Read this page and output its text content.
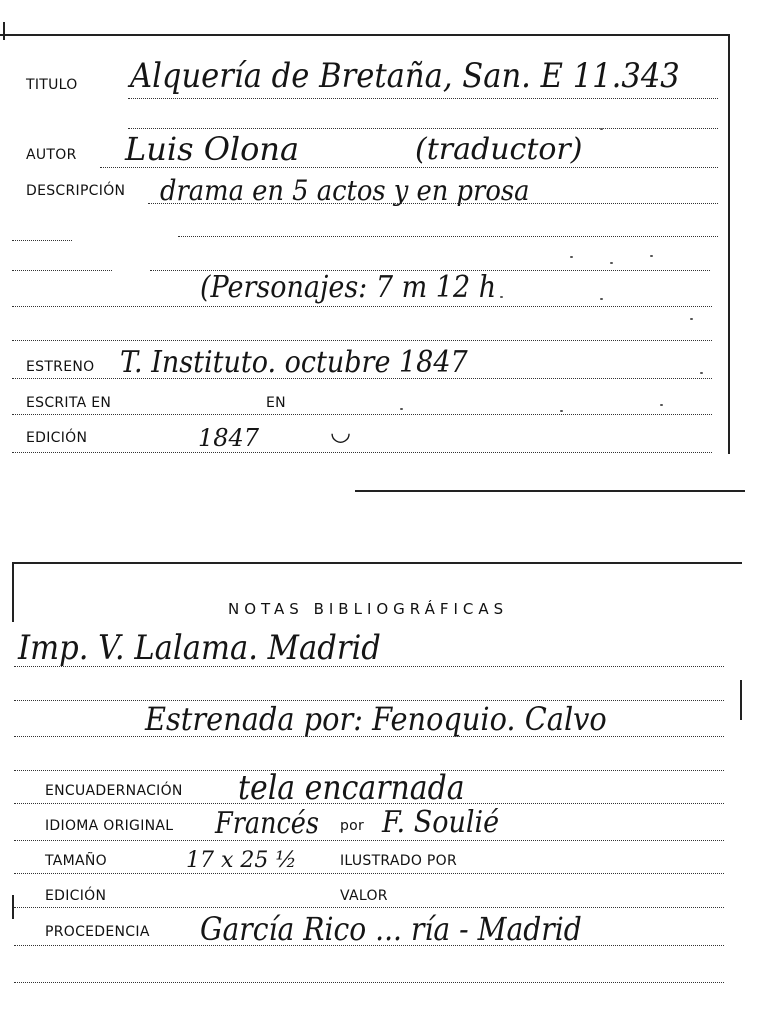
TITULO Alquería de Bretaña, San. E 11.343
AUTOR Luis Olona	(traductor)
DESCRIPCIÓN drama en 5 actos y en prosa
(Personajes: 7 m 12 h
ESTRENO T. Instituto. octubre 1847
ESCRITA EN	EN
EDICIÓN	1847	◡
NOTAS BIBLIOGRÁFICAS
Imp. V. Lalama. Madrid
Estrenada por: Fenoquio. Calvo
ENCUADERNACIÓN tela encarnada
IDIOMA ORIGINAL Francés por F. Soulié
TAMAÑO	17 x 25 ½	ILUSTRADO POR
EDICIÓN	VALOR
PROCEDENCIA García Rico ... ría - Madrid
